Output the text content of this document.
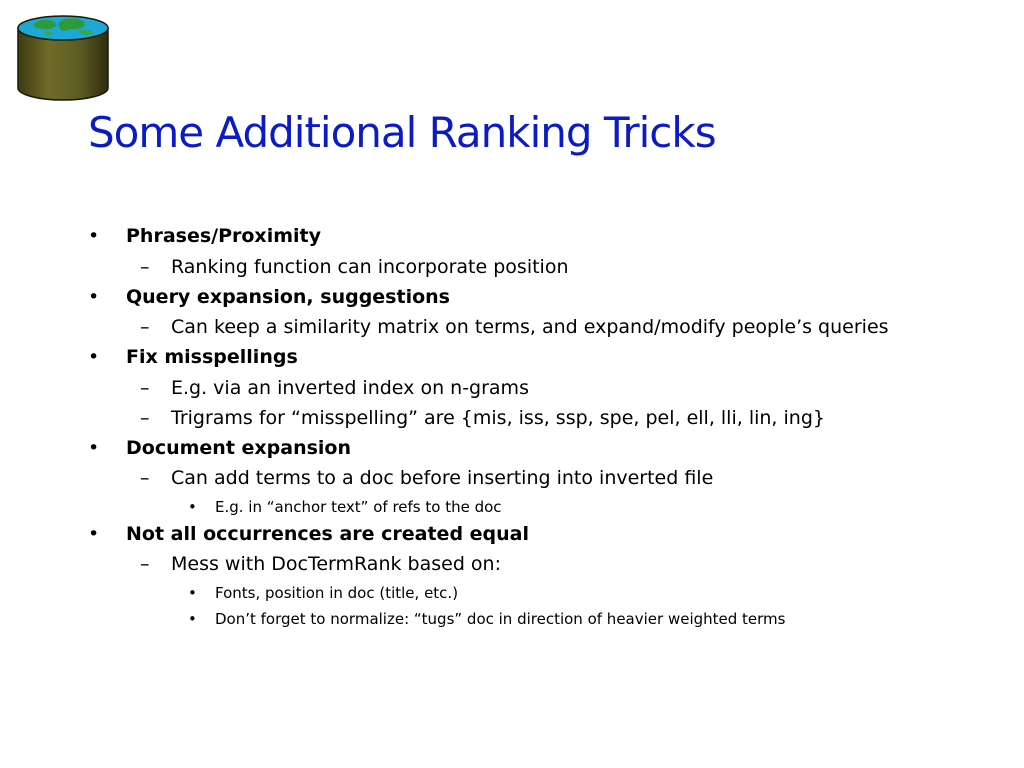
Some Additional Ranking Tricks
• Phrases/Proximity
– Ranking function can incorporate position
• Query expansion, suggestions
– Can keep a similarity matrix on terms, and expand/modify people’s queries
• Fix misspellings
– E.g. via an inverted index on n-grams
– Trigrams for “misspelling” are {mis, iss, ssp, spe, pel, ell, lli, lin, ing}
• Document expansion
– Can add terms to a doc before inserting into inverted file
• E.g. in “anchor text” of refs to the doc
• Not all occurrences are created equal
– Mess with DocTermRank based on:
• Fonts, position in doc (title, etc.)
• Don’t forget to normalize: “tugs” doc in direction of heavier weighted terms
